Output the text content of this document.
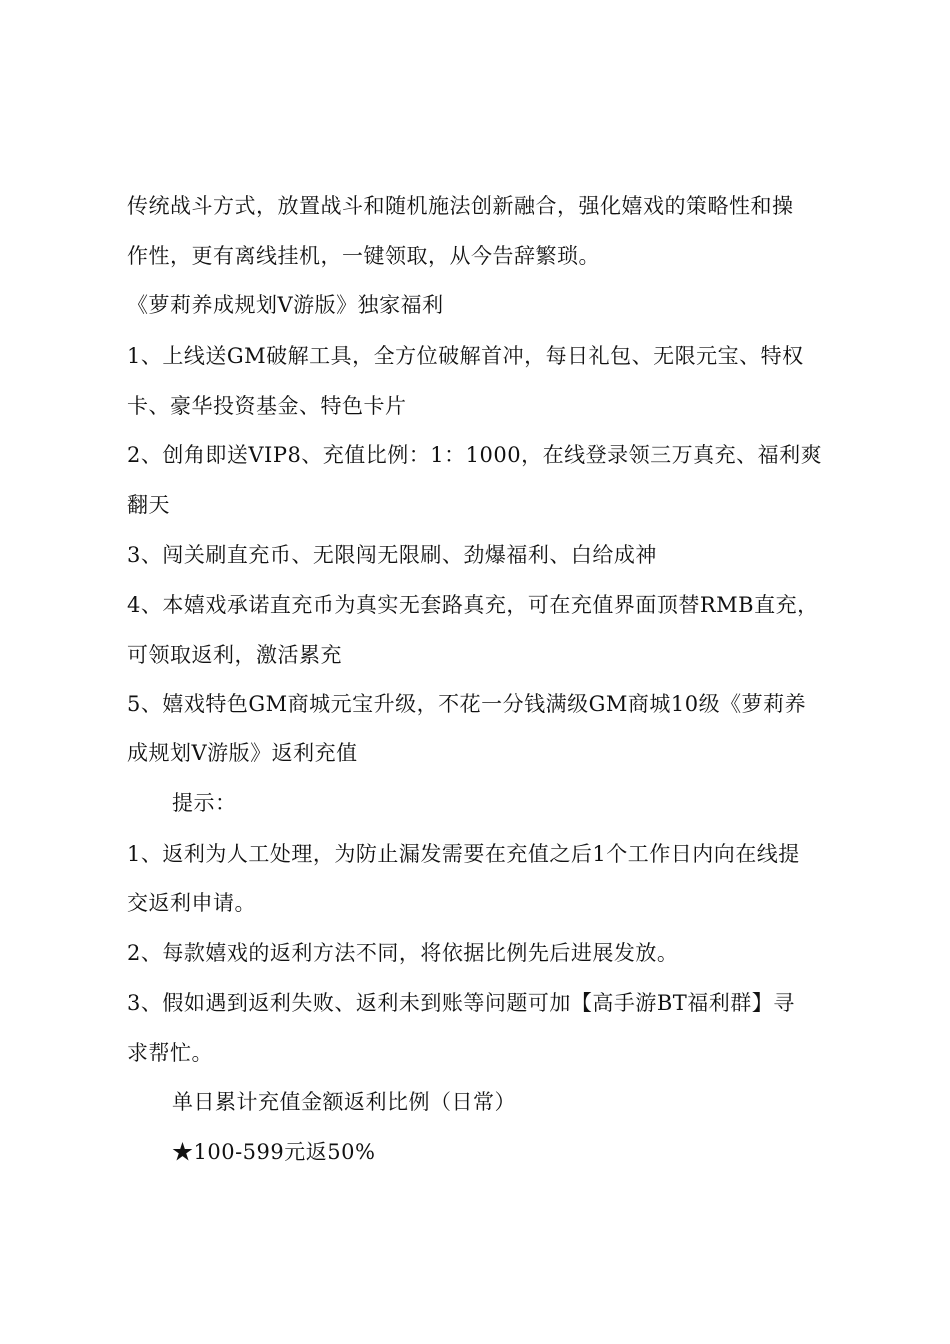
传统战斗方式，放置战斗和随机施法创新融合，强化嬉戏的策略性和操
作性，更有离线挂机，一键领取，从今告辞繁琐。
《萝莉养成规划V游版》独家福利
1、上线送GM破解工具，全方位破解首冲，每日礼包、无限元宝、特权
卡、豪华投资基金、特色卡片
2、创角即送VIP8、充值比例：1：1000，在线登录领三万真充、福利爽
翻天
3、闯关刷直充币、无限闯无限刷、劲爆福利、白给成神
4、本嬉戏承诺直充币为真实无套路真充，可在充值界面顶替RMB直充，
可领取返利，激活累充
5、嬉戏特色GM商城元宝升级，不花一分钱满级GM商城10级《萝莉养
成规划V游版》返利充值
提示：
1、返利为人工处理，为防止漏发需要在充值之后1个工作日内向在线提
交返利申请。
2、每款嬉戏的返利方法不同，将依据比例先后进展发放。
3、假如遇到返利失败、返利未到账等问题可加【高手游BT福利群】寻
求帮忙。
单日累计充值金额返利比例（日常）
★100-599元返50%
